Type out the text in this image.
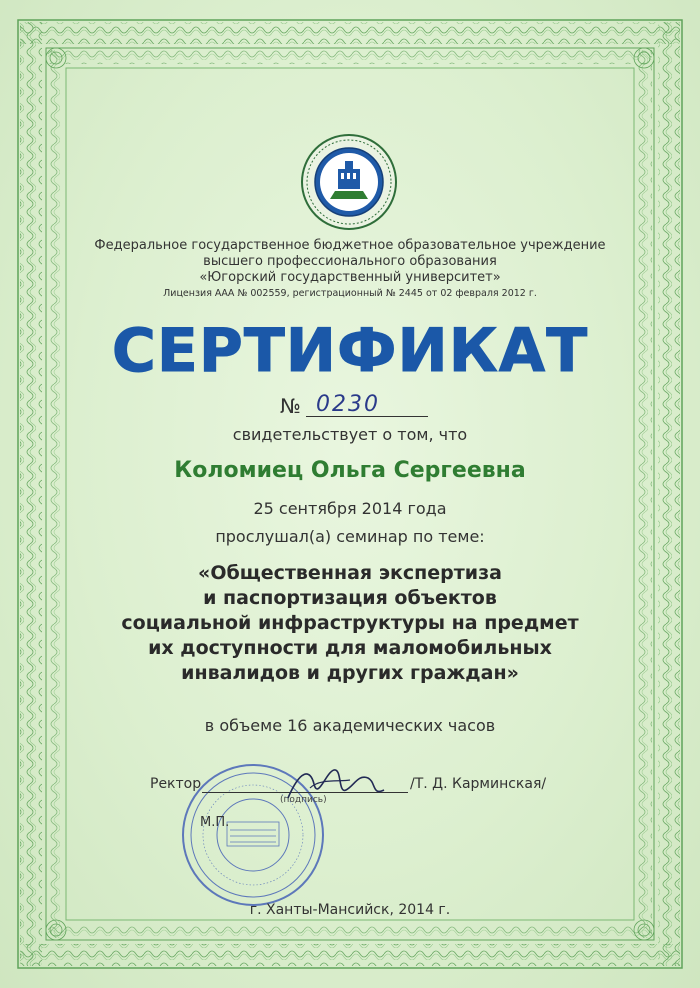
Федеральное государственное бюджетное образовательное учреждение
высшего профессионального образования
«Югорский государственный университет»
Лицензия ААА № 002559, регистрационный № 2445 от 02 февраля 2012 г.
СЕРТИФИКАТ
№ 0230
свидетельствует о том, что
Коломиец Ольга Сергеевна
25 сентября 2014 года
прослушал(а) семинар по теме:
«Общественная экспертиза
и паспортизация объектов
социальной инфраструктуры на предмет
их доступности для маломобильных
инвалидов и других граждан»
в объеме 16 академических часов
Ректор
(подпись)
/Т. Д. Карминская/
М.П.
г. Ханты-Мансийск, 2014 г.
